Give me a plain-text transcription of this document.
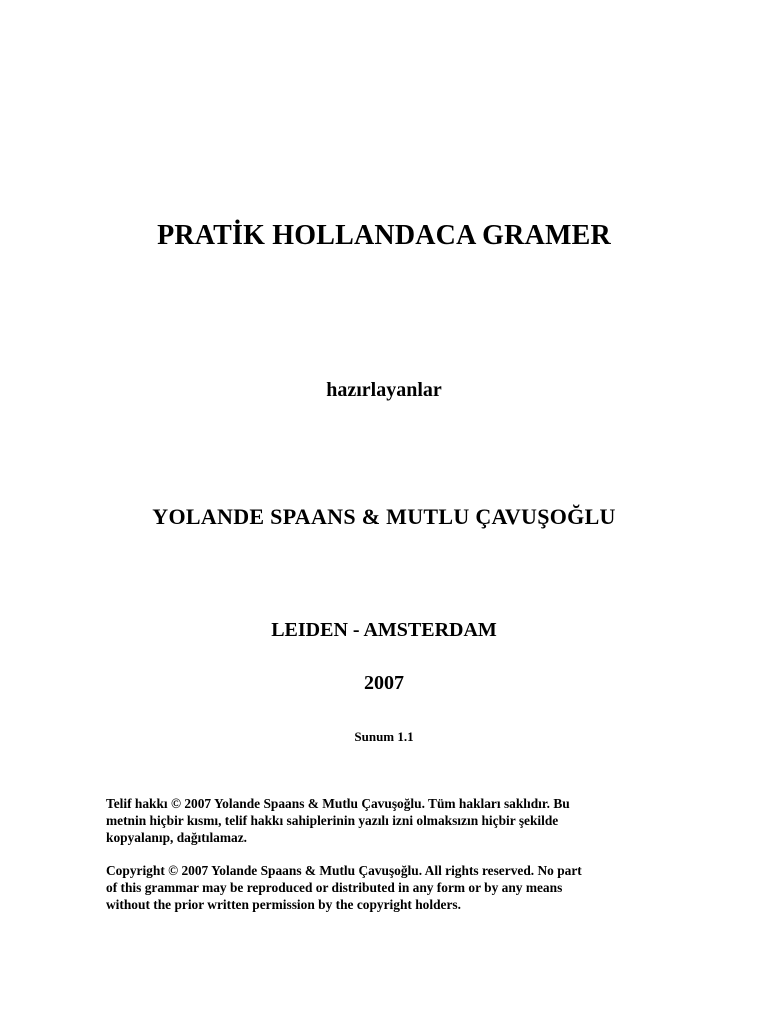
PRATİK HOLLANDACA GRAMER
hazırlayanlar
YOLANDE SPAANS & MUTLU ÇAVUŞOĞLU
LEIDEN - AMSTERDAM
2007
Sunum 1.1
Telif hakkı © 2007 Yolande Spaans & Mutlu Çavuşoğlu. Tüm hakları saklıdır. Bu
metnin hiçbir kısmı, telif hakkı sahiplerinin yazılı izni olmaksızın hiçbir şekilde
kopyalanıp, dağıtılamaz.
Copyright © 2007 Yolande Spaans & Mutlu Çavuşoğlu. All rights reserved. No part
of this grammar may be reproduced or distributed in any form or by any means
without the prior written permission by the copyright holders.
